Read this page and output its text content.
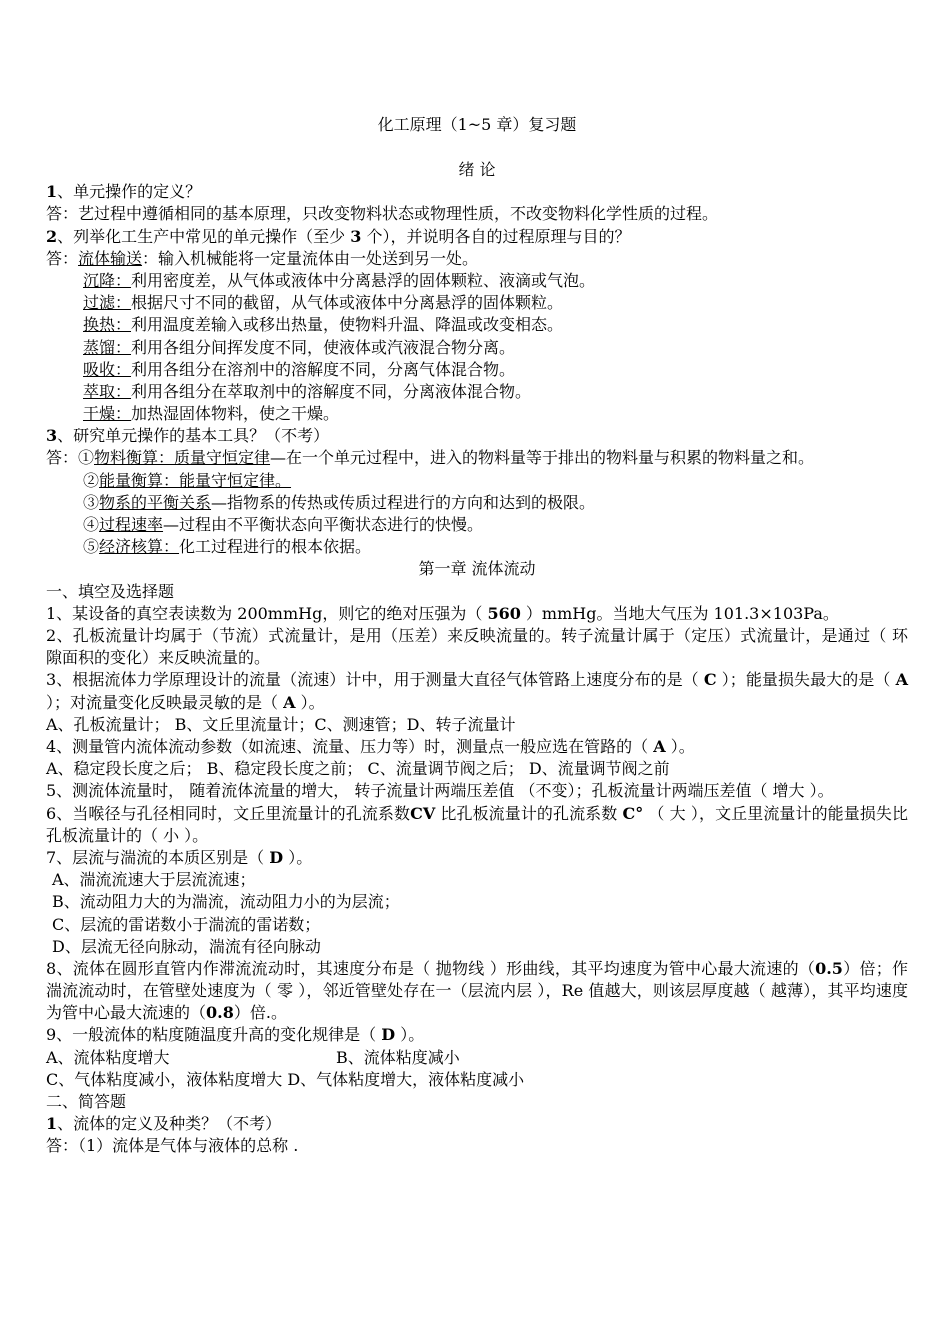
化工原理（1~5 章）复习题
绪 论
1、单元操作的定义？
答：艺过程中遵循相同的基本原理，只改变物料状态或物理性质，不改变物料化学性质的过程。
2、列举化工生产中常见的单元操作（至少 3 个），并说明各自的过程原理与目的？
答：流体输送：输入机械能将一定量流体由一处送到另一处。
沉降：利用密度差，从气体或液体中分离悬浮的固体颗粒、液滴或气泡。
过滤：根据尺寸不同的截留，从气体或液体中分离悬浮的固体颗粒。
换热：利用温度差输入或移出热量，使物料升温、降温或改变相态。
蒸馏：利用各组分间挥发度不同，使液体或汽液混合物分离。
吸收：利用各组分在溶剂中的溶解度不同，分离气体混合物。
萃取：利用各组分在萃取剂中的溶解度不同，分离液体混合物。
干燥：加热湿固体物料，使之干燥。
3、研究单元操作的基本工具？（不考）
答：①物料衡算：质量守恒定律—在一个单元过程中，进入的物料量等于排出的物料量与积累的物料量之和。
②能量衡算：能量守恒定律。
③物系的平衡关系—指物系的传热或传质过程进行的方向和达到的极限。
④过程速率—过程由不平衡状态向平衡状态进行的快慢。
⑤经济核算：化工过程进行的根本依据。
第一章 流体流动
一、填空及选择题
1、某设备的真空表读数为 200mmHg，则它的绝对压强为（ 560 ）mmHg。当地大气压为 101.3×103Pa。
2、孔板流量计均属于（节流）式流量计，是用（压差）来反映流量的。转子流量计属于（定压）式流量计，是通过（ 环隙面积的变化）来反映流量的。
3、根据流体力学原理设计的流量（流速）计中，用于测量大直径气体管路上速度分布的是（ C ）；能量损失最大的是（ A ）；对流量变化反映最灵敏的是（ A ）。
A、孔板流量计； B、文丘里流量计；C、测速管；D、转子流量计
4、测量管内流体流动参数（如流速、流量、压力等）时，测量点一般应选在管路的（ A ）。
A、稳定段长度之后； B、稳定段长度之前； C、流量调节阀之后； D、流量调节阀之前
5、测流体流量时， 随着流体流量的增大， 转子流量计两端压差值 （不变）；孔板流量计两端压差值（ 增大 ）。
6、当喉径与孔径相同时，文丘里流量计的孔流系数CV 比孔板流量计的孔流系数 C° （ 大 ），文丘里流量计的能量损失比孔板流量计的（ 小 ）。
7、层流与湍流的本质区别是（ D ）。
A、湍流流速大于层流流速；
B、流动阻力大的为湍流，流动阻力小的为层流；
C、层流的雷诺数小于湍流的雷诺数；
D、层流无径向脉动，湍流有径向脉动
8、流体在圆形直管内作滞流流动时，其速度分布是（ 抛物线 ）形曲线，其平均速度为管中心最大流速的（0.5）倍；作湍流流动时，在管壁处速度为（ 零 ），邻近管壁处存在一（层流内层 ），Re 值越大，则该层厚度越（ 越薄），其平均速度为管中心最大流速的（0.8）倍.。
9、一般流体的粘度随温度升高的变化规律是（ D ）。
A、流体粘度增大	B、流体粘度减小
C、气体粘度减小，液体粘度增大 D、气体粘度增大，液体粘度减小
二、简答题
1、流体的定义及种类？（不考）
答：（1）流体是气体与液体的总称 .
